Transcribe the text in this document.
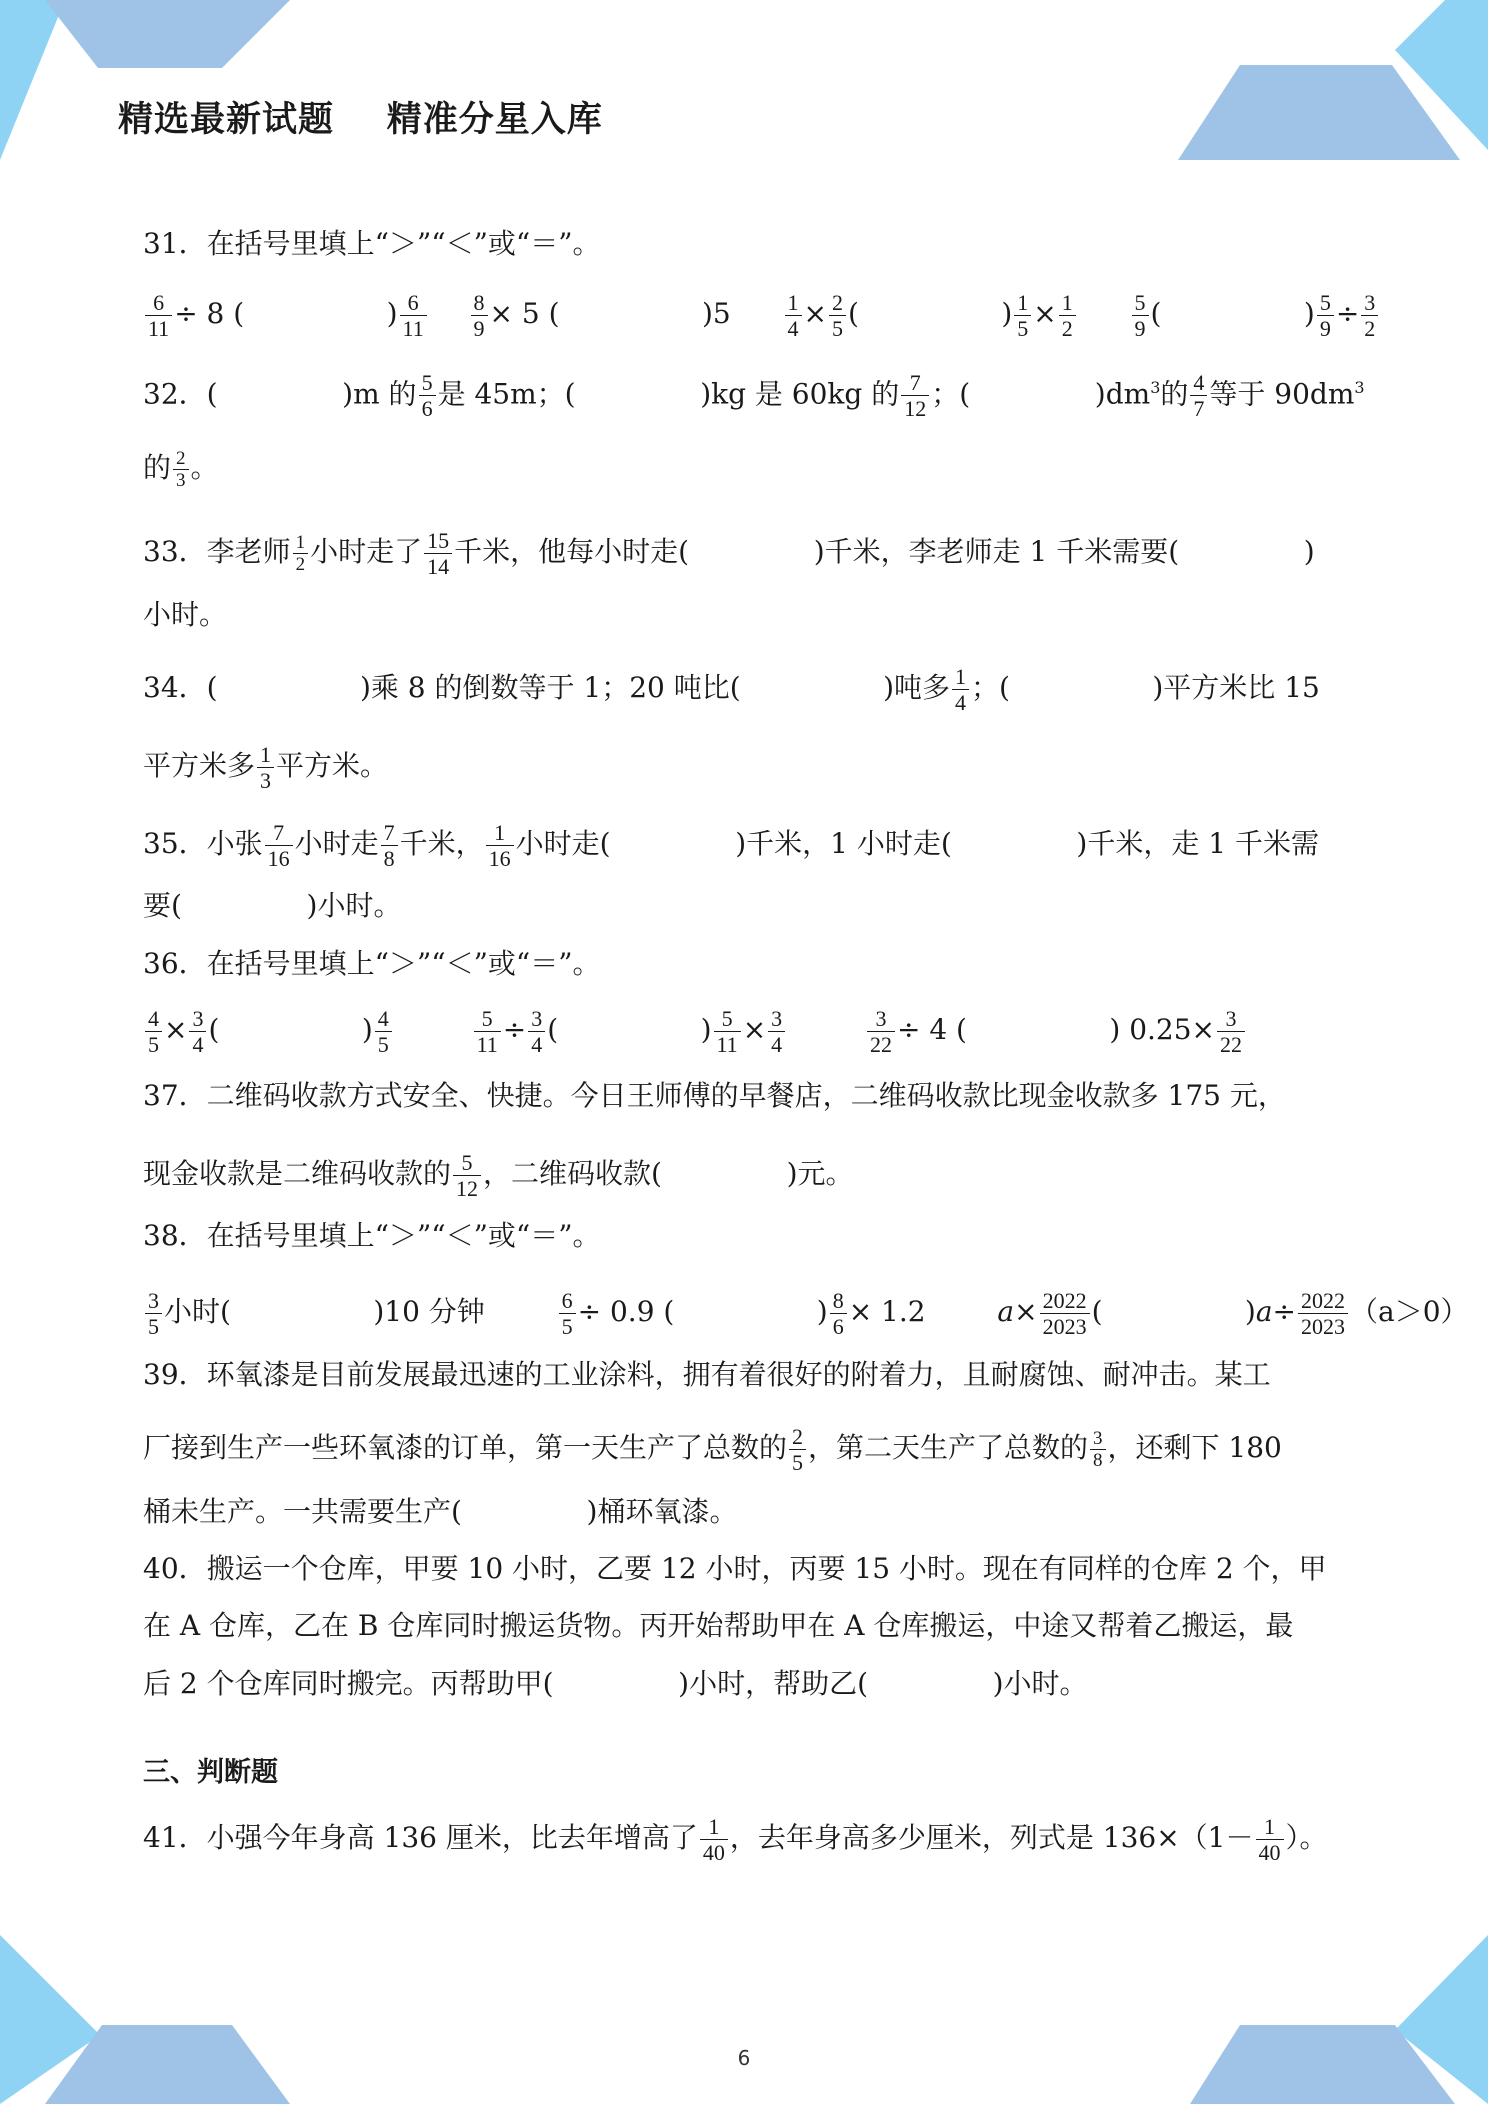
精选最新试题    精准分星入库
31．在括号里填上“＞”“＜”或“＝”。
$\frac{6}{11} \div 8$ (	) $\frac{6}{11}$
$\frac{8}{9} \times 5$ (	)$5 \frac{1}{4} \times \frac{2}{5}$ (	) $\frac{1}{5} \times \frac{1}{2}$
	$\frac{5}{9}$ (	) $\frac{5}{9} \div \frac{3}{2}$
32．(	)m 的 $\frac{5}{6}$ 是 45m；(	)kg 是 60kg 的 $\frac{7}{12}$ ；(	)$dm^3$的 $\frac{4}{7}$ 等于 $90dm^3$
的 $\frac{2}{3}$ 。
33．李老师 $\frac{1}{2}$ 小时走了 $\frac{15}{14}$ 千米，他每小时走(	)千米，李老师走 1 千米需要(	)
小时。
34．(	)乘 8 的倒数等于 1；20 吨比(	)吨多 $\frac{1}{4}$ ；(	)平方米比 15
平方米多 $\frac{1}{3}$ 平方米。
35．小张 $\frac{7}{16}$ 小时走 $\frac{7}{8}$ 千米， $\frac{1}{16}$ 小时走(	)千米，1 小时走(	)千米，走 1 千米需
要(	)小时。
36．在括号里填上“＞”“＜”或“＝”。
$\frac{4}{5} \times \frac{3}{4}$ (	) $\frac{4}{5}$
	$\frac{5}{11} \div \frac{3}{4}$ (	) $\frac{5}{11} \times \frac{3}{4}$
	$\frac{3}{22} \div 4$ (	) $0.25\times \frac{3}{22}$
37．二维码收款方式安全、快捷。今日王师傅的早餐店，二维码收款比现金收款多 175 元，
现金收款是二维码收款的 $\frac{5}{12}$ ，二维码收款(	)元。
38．在括号里填上“＞”“＜”或“＝”。
$\frac{3}{5}$ 小时(	)10 分钟	$\frac{6}{5} \div 0.9$ (	) $\frac{8}{6} \times 1.2$	$a\times \frac{2022}{2023}$ (	)$a\div \frac{2022}{2023} (a>0)$
39．环氧漆是目前发展最迅速的工业涂料，拥有着很好的附着力，且耐腐蚀、耐冲击。某工
厂接到生产一些环氧漆的订单，第一天生产了总数的 $\frac{2}{5}$ ，第二天生产了总数的 $\frac{3}{8}$ ，还剩下 180
桶未生产。一共需要生产(	)桶环氧漆。
40．搬运一个仓库，甲要 10 小时，乙要 12 小时，丙要 15 小时。现在有同样的仓库 2 个，甲
在 A 仓库，乙在 B 仓库同时搬运货物。丙开始帮助甲在 A 仓库搬运，中途又帮着乙搬运，最
后 2 个仓库同时搬完。丙帮助甲(	)小时，帮助乙(	)小时。
三、判断题
41．小强今年身高 136 厘米，比去年增高了 $\frac{1}{40}$ ，去年身高多少厘米，列式是 $136\times(1- \frac{1}{40}$ ）。
6
